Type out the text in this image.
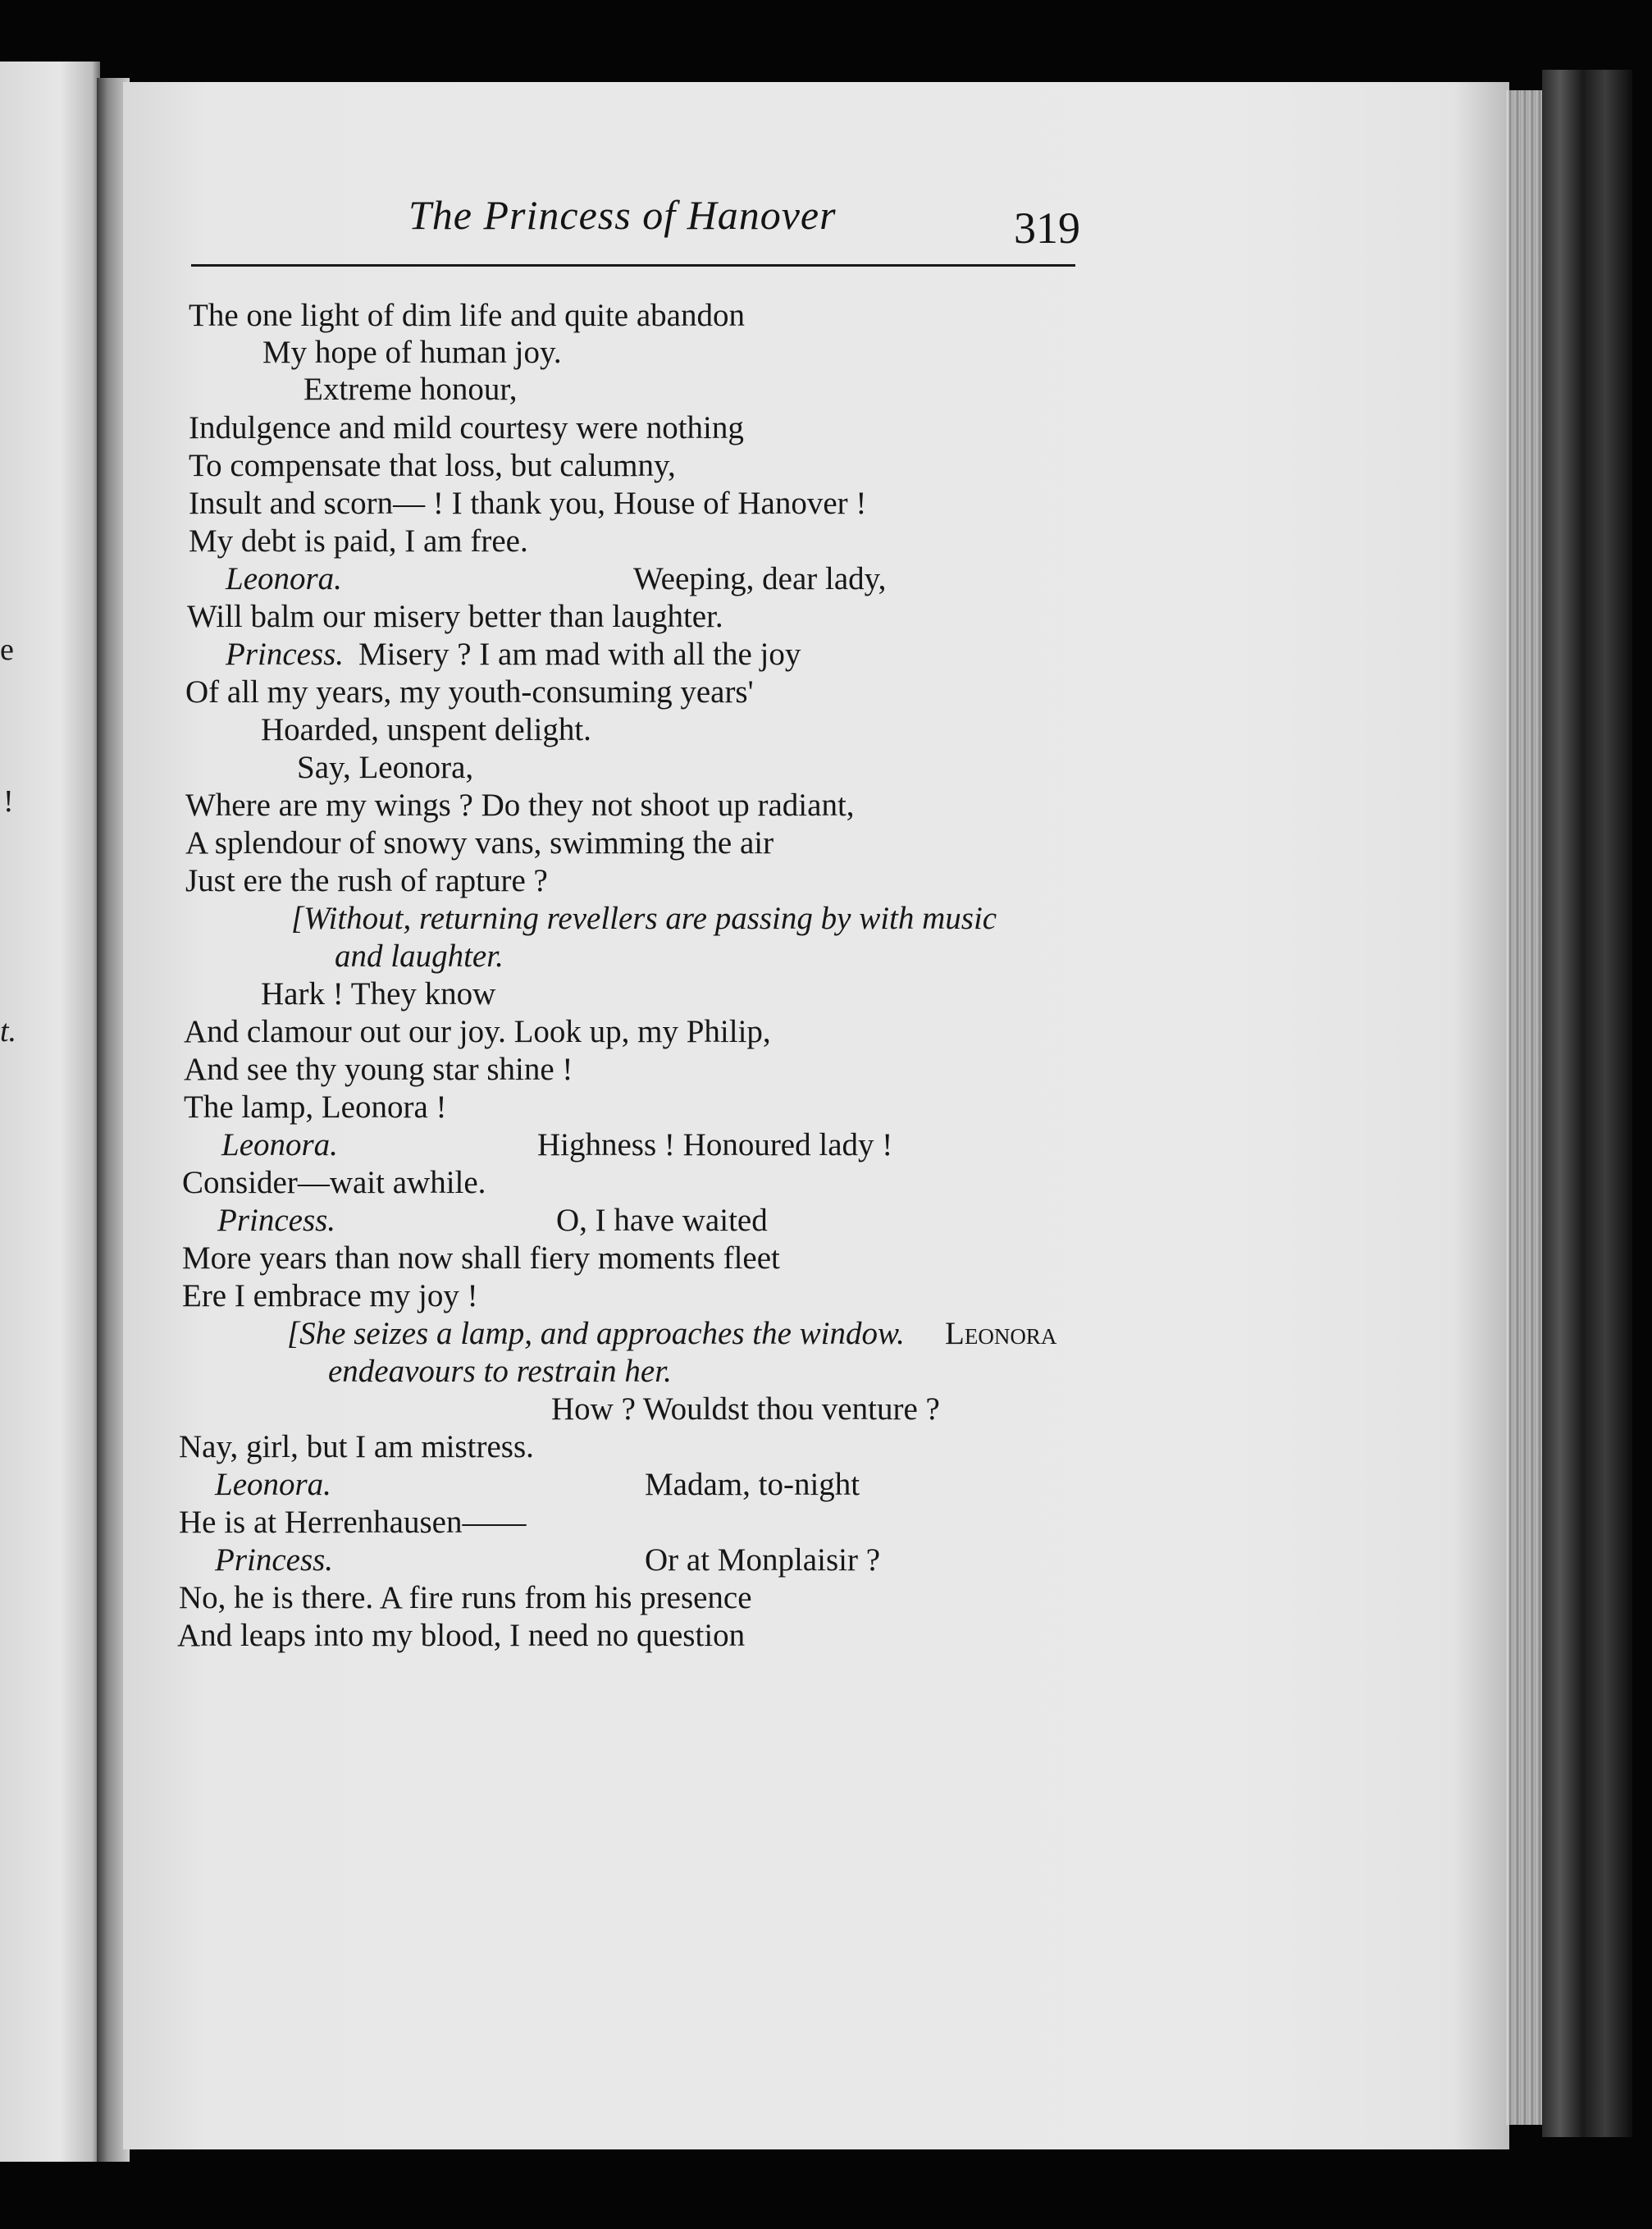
e
!
t.
The Princess of Hanover	319
The one light of dim life and quite abandon
My hope of human joy.
Extreme honour,
Indulgence and mild courtesy were nothing
To compensate that loss, but calumny,
Insult and scorn— ! I thank you, House of Hanover !
My debt is paid, I am free.
Leonora.	Weeping, dear lady,
Will balm our misery better than laughter.
Princess. Misery ? I am mad with all the joy
Of all my years, my youth-consuming years'
Hoarded, unspent delight.
Say, Leonora,
Where are my wings ? Do they not shoot up radiant,
A splendour of snowy vans, swimming the air
Just ere the rush of rapture ?
[Without, returning revellers are passing by with music
and laughter.
Hark ! They know
And clamour out our joy. Look up, my Philip,
And see thy young star shine !
The lamp, Leonora !
Leonora.	Highness ! Honoured lady !
Consider—wait awhile.
Princess.	O, I have waited
More years than now shall fiery moments fleet
Ere I embrace my joy !
[She seizes a lamp, and approaches the window. Leonora
endeavours to restrain her.
How ? Wouldst thou venture ?
Nay, girl, but I am mistress.
Leonora.	Madam, to-night
He is at Herrenhausen——
Princess.	Or at Monplaisir ?
No, he is there. A fire runs from his presence
And leaps into my blood, I need no question
